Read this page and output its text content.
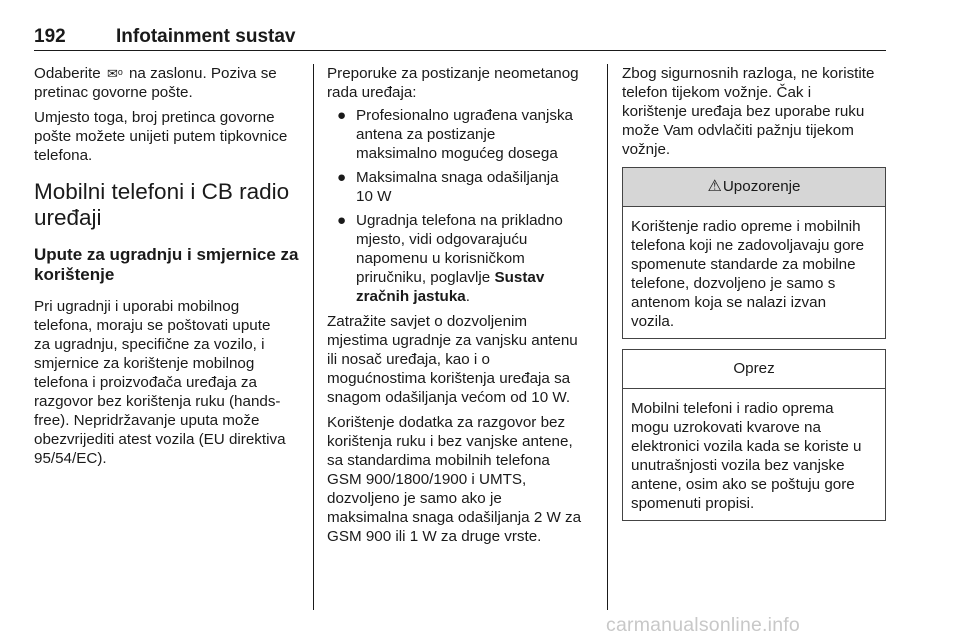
192	Infotainment sustav

Odaberite ✉ᵒ na zaslonu. Poziva se
pretinac govorne pošte.

Umjesto toga, broj pretinca govorne
pošte možete unijeti putem tipkovnice
telefona.

Mobilni telefoni i CB radio
uređaji
Upute za ugradnju i smjernice za
korištenje

Pri ugradnji i uporabi mobilnog
telefona, moraju se poštovati upute
za ugradnju, specifične za vozilo, i
smjernice za korištenje mobilnog
telefona i proizvođača uređaja za
razgovor bez korištenja ruku (hands-
free). Nepridržavanje uputa može
obezvrijediti atest vozila (EU direktiva
95/54/EC).

Preporuke za postizanje neometanog
rada uređaja:

● Profesionalno ugrađena vanjska
antena za postizanje
maksimalno mogućeg dosega
● Maksimalna snaga odašiljanja
10 W
● Ugradnja telefona na prikladno
mjesto, vidi odgovarajuću
napomenu u korisničkom
priručniku, poglavlje Sustav
zračnih jastuka.

Zatražite savjet o dozvoljenim
mjestima ugradnje za vanjsku antenu
ili nosač uređaja, kao i o
mogućnostima korištenja uređaja sa
snagom odašiljanja većom od 10 W.

Korištenje dodatka za razgovor bez
korištenja ruku i bez vanjske antene,
sa standardima mobilnih telefona
GSM 900/1800/1900 i UMTS,
dozvoljeno je samo ako je
maksimalna snaga odašiljanja 2 W za
GSM 900 ili 1 W za druge vrste.

Zbog sigurnosnih razloga, ne koristite
telefon tijekom vožnje. Čak i
korištenje uređaja bez uporabe ruku
može Vam odvlačiti pažnju tijekom
vožnje.

⚠Upozorenje
Korištenje radio opreme i mobilnih
telefona koji ne zadovoljavaju gore
spomenute standarde za mobilne
telefone, dozvoljeno je samo s
antenom koja se nalazi izvan
vozila.
Oprez
Mobilni telefoni i radio oprema
mogu uzrokovati kvarove na
elektronici vozila kada se koriste u
unutrašnjosti vozila bez vanjske
antene, osim ako se poštuju gore
spomenuti propisi.
carmanualsonline.info
